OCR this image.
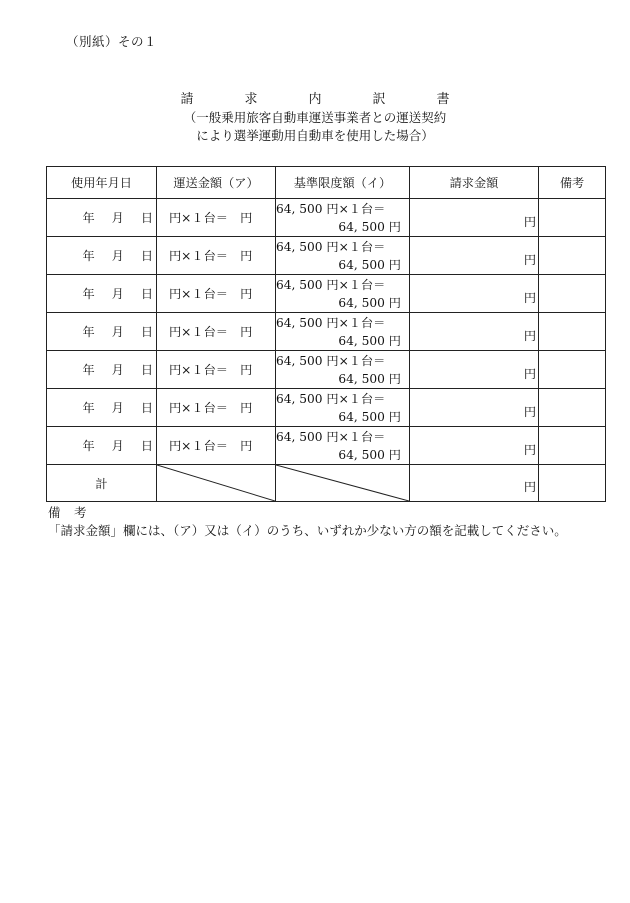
（別紙）その１
請	求	内	訳	書
（一般乗用旅客自動車運送事業者との運送契約
により選挙運動用自動車を使用した場合）
使用年月日	運送金額（ア）	基準限度額（イ）	請求金額	備考
年 月 日	円×１台＝　円	64, 500 円×１台＝
64, 500 円	円	
年 月 日	円×１台＝　円	64, 500 円×１台＝
64, 500 円	円	
年 月 日	円×１台＝　円	64, 500 円×１台＝
64, 500 円	円	
年 月 日	円×１台＝　円	64, 500 円×１台＝
64, 500 円	円	
年 月 日	円×１台＝　円	64, 500 円×１台＝
64, 500 円	円	
年 月 日	円×１台＝　円	64, 500 円×１台＝
64, 500 円	円	
年 月 日	円×１台＝　円	64, 500 円×１台＝
64, 500 円	円	
計			円	
備　考
「請求金額」欄には、（ア）又は（イ）のうち、いずれか少ない方の額を記載してください。
